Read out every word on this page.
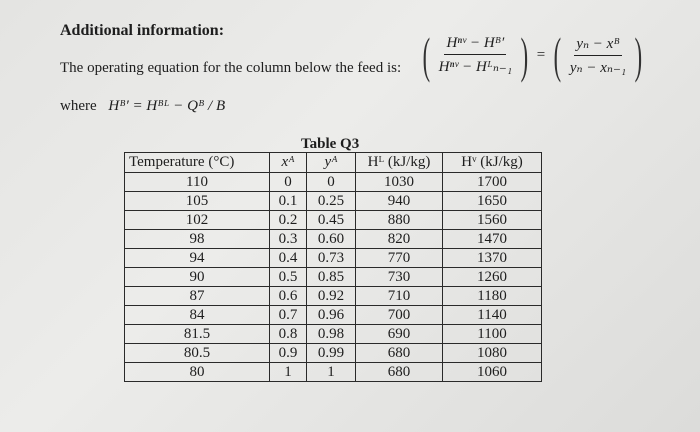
Additional information:
The operating equation for the column below the feed is: ( $\frac{\text{Hⁿᵛ − Hᴮ′}}{\text{Hⁿᵛ − Hᴸₙ₋₁}}$ ) = ( $\frac{\text{yₙ − xᴮ}}{\text{yₙ − xₙ₋₁}}$ )
where Hᴮ′ = Hᴮᴸ − Qᴮ / B
Table Q3
Temperature (°C)	xᴬ	yᴬ	Hᴸ (kJ/kg)	Hᵛ (kJ/kg)
110	0	0	1030	1700
105	0.1	0.25	940	1650
102	0.2	0.45	880	1560
98	0.3	0.60	820	1470
94	0.4	0.73	770	1370
90	0.5	0.85	730	1260
87	0.6	0.92	710	1180
84	0.7	0.96	700	1140
81.5	0.8	0.98	690	1100
80.5	0.9	0.99	680	1080
80	1	1	680	1060
